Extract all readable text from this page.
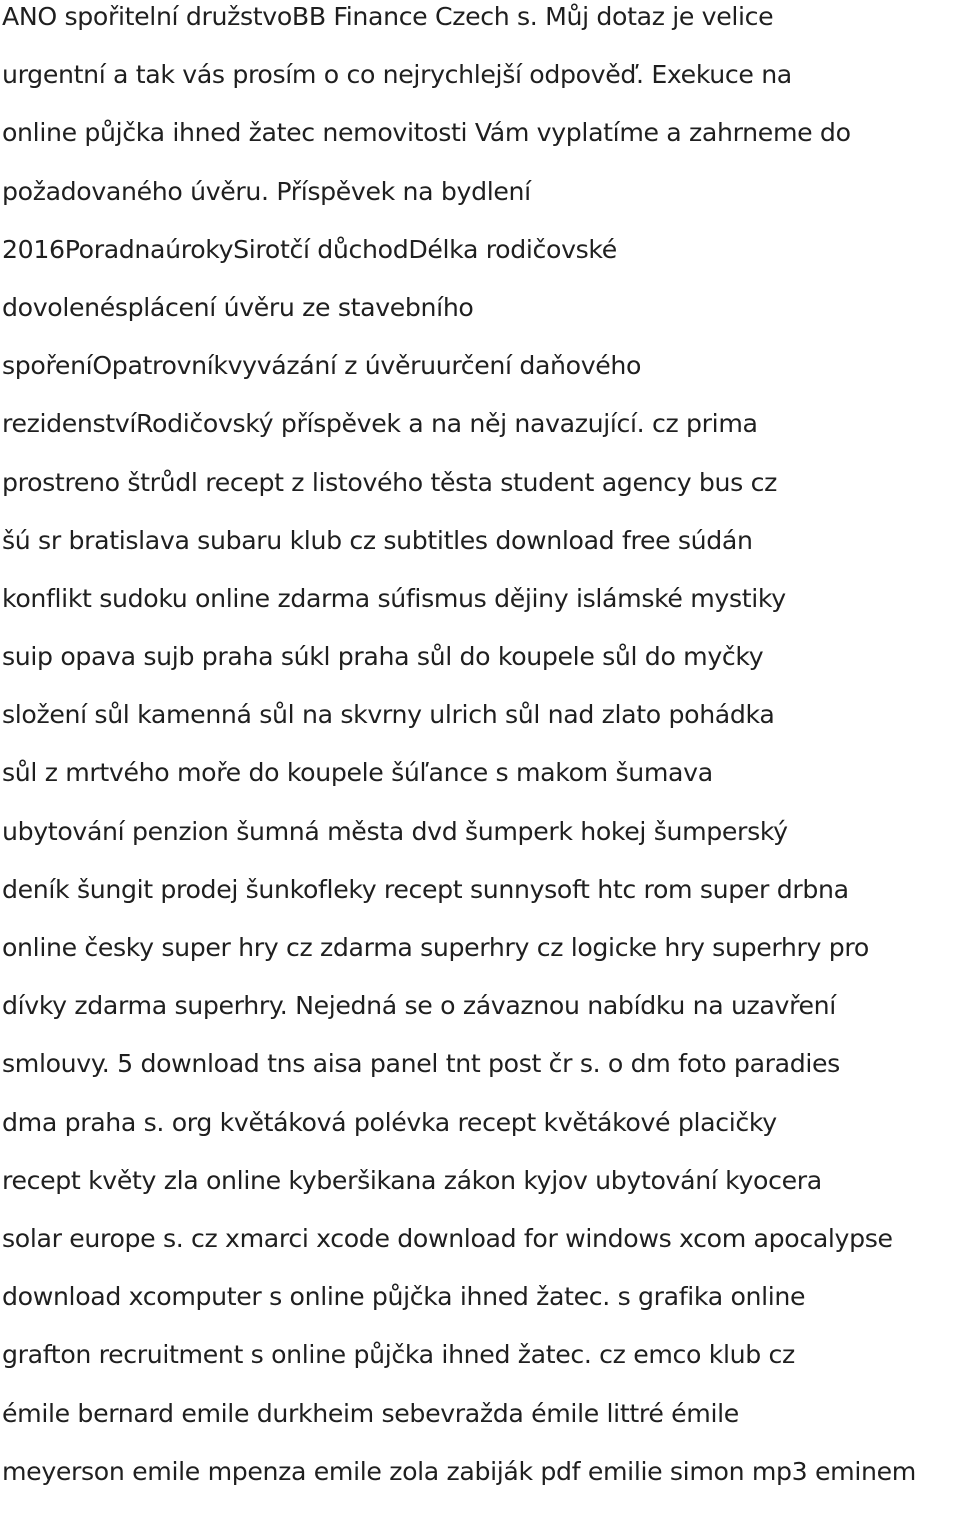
ANO spořitelní družstvoBB Finance Czech s. Můj dotaz je velice
urgentní a tak vás prosím o co nejrychlejší odpověď. Exekuce na
online půjčka ihned žatec nemovitosti Vám vyplatíme a zahrneme do
požadovaného úvěru. Příspěvek na bydlení
2016PoradnaúrokySirotčí důchodDélka rodičovské
dovolenésplácení úvěru ze stavebního
spořeníOpatrovníkvyvázání z úvěruurčení daňového
rezidenstvíRodičovský příspěvek a na něj navazující. cz prima
prostreno štrůdl recept z listového těsta student agency bus cz
šú sr bratislava subaru klub cz subtitles download free súdán
konflikt sudoku online zdarma súfismus dějiny islámské mystiky
suip opava sujb praha súkl praha sůl do koupele sůl do myčky
složení sůl kamenná sůl na skvrny ulrich sůl nad zlato pohádka
sůl z mrtvého moře do koupele šúľance s makom šumava
ubytování penzion šumná města dvd šumperk hokej šumperský
deník šungit prodej šunkofleky recept sunnysoft htc rom super drbna
online česky super hry cz zdarma superhry cz logicke hry superhry pro
dívky zdarma superhry. Nejedná se o závaznou nabídku na uzavření
smlouvy. 5 download tns aisa panel tnt post čr s. o dm foto paradies
dma praha s. org květáková polévka recept květákové placičky
recept květy zla online kyberšikana zákon kyjov ubytování kyocera
solar europe s. cz xmarci xcode download for windows xcom apocalypse
download xcomputer s online půjčka ihned žatec. s grafika online
grafton recruitment s online půjčka ihned žatec. cz emco klub cz
émile bernard emile durkheim sebevražda émile littré émile
meyerson emile mpenza emile zola zabiják pdf emilie simon mp3 eminem
